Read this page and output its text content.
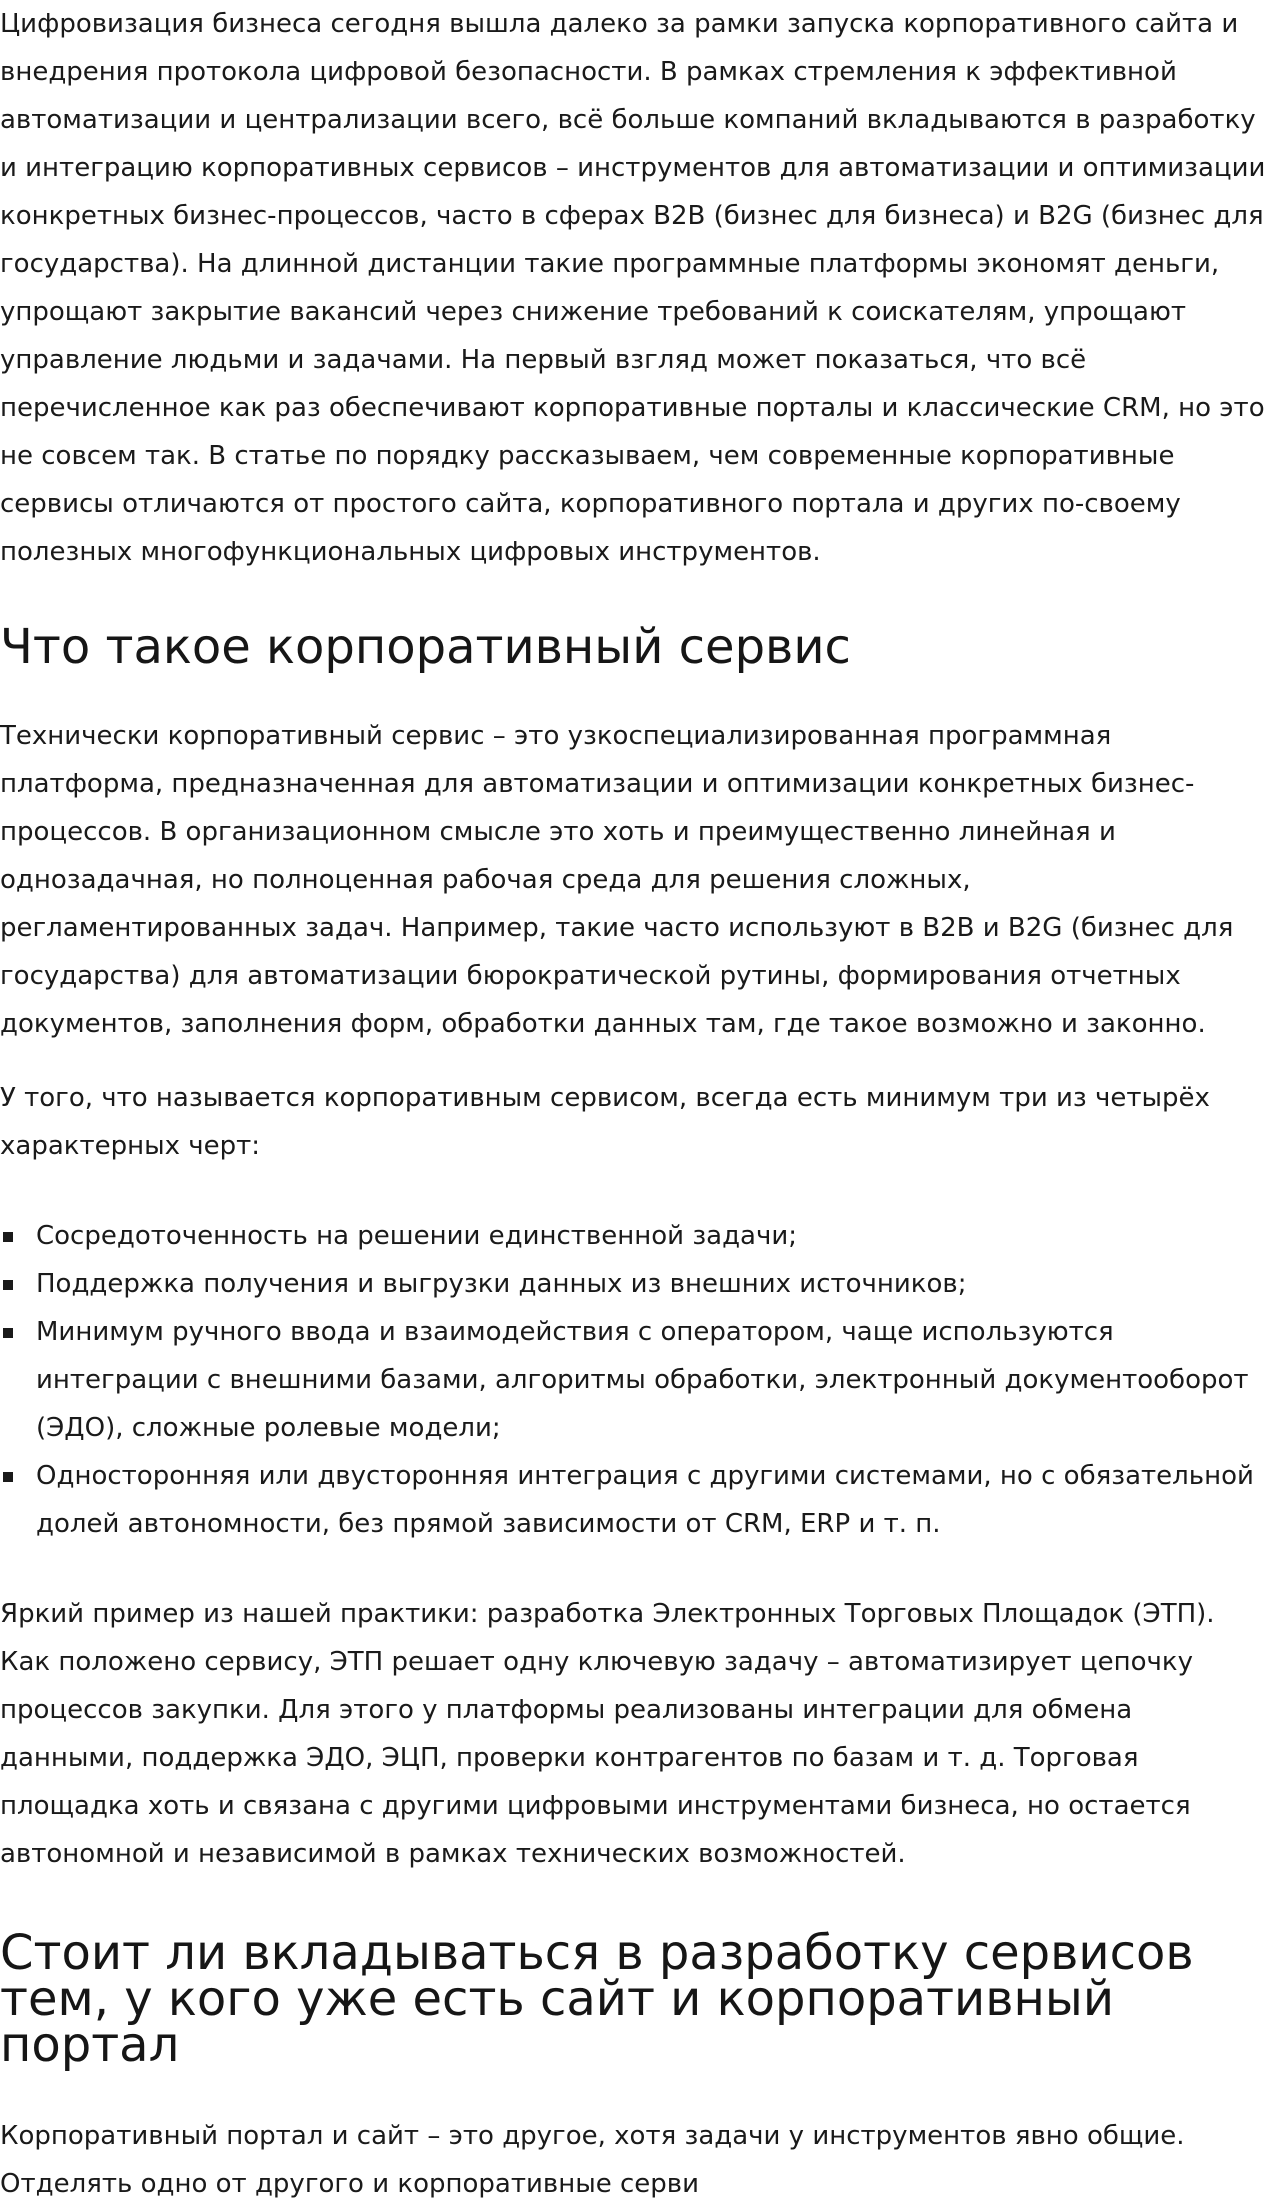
Цифровизация бизнеса сегодня вышла далеко за рамки запуска корпоративного сайта и внедрения протокола цифровой безопасности. В рамках стремления к эффективной автоматизации и централизации всего, всё больше компаний вкладываются в разработку и интеграцию корпоративных сервисов – инструментов для автоматизации и оптимизации конкретных бизнес-процессов, часто в сферах B2B (бизнес для бизнеса) и B2G (бизнес для государства). На длинной дистанции такие программные платформы экономят деньги, упрощают закрытие вакансий через снижение требований к соискателям, упрощают управление людьми и задачами. На первый взгляд может показаться, что всё перечисленное как раз обеспечивают корпоративные порталы и классические CRM, но это не совсем так. В статье по порядку рассказываем, чем современные корпоративные сервисы отличаются от простого сайта, корпоративного портала и других по-своему полезных многофункциональных цифровых инструментов.

Что такое корпоративный сервис

Технически корпоративный сервис – это узкоспециализированная программная платформа, предназначенная для автоматизации и оптимизации конкретных бизнес-процессов. В организационном смысле это хоть и преимущественно линейная и однозадачная, но полноценная рабочая среда для решения сложных, регламентированных задач. Например, такие часто используют в B2B и B2G (бизнес для государства) для автоматизации бюрократической рутины, формирования отчетных документов, заполнения форм, обработки данных там, где такое возможно и законно.

У того, что называется корпоративным сервисом, всегда есть минимум три из четырёх характерных черт:

Сосредоточенность на решении единственной задачи;
Поддержка получения и выгрузки данных из внешних источников;
Минимум ручного ввода и взаимодействия с оператором, чаще используются интеграции с внешними базами, алгоритмы обработки, электронный документооборот (ЭДО), сложные ролевые модели;
Односторонняя или двусторонняя интеграция с другими системами, но с обязательной долей автономности, без прямой зависимости от CRM, ERP и т. п.

Яркий пример из нашей практики: разработка Электронных Торговых Площадок (ЭТП). Как положено сервису, ЭТП решает одну ключевую задачу – автоматизирует цепочку процессов закупки. Для этого у платформы реализованы интеграции для обмена данными, поддержка ЭДО, ЭЦП, проверки контрагентов по базам и т. д. Торговая площадка хоть и связана с другими цифровыми инструментами бизнеса, но остается автономной и независимой в рамках технических возможностей.

Стоит ли вкладываться в разработку сервисов тем, у кого уже есть сайт и корпоративный портал

Корпоративный портал и сайт – это другое, хотя задачи у инструментов явно общие. Отделять одно от другого и корпоративные серви
